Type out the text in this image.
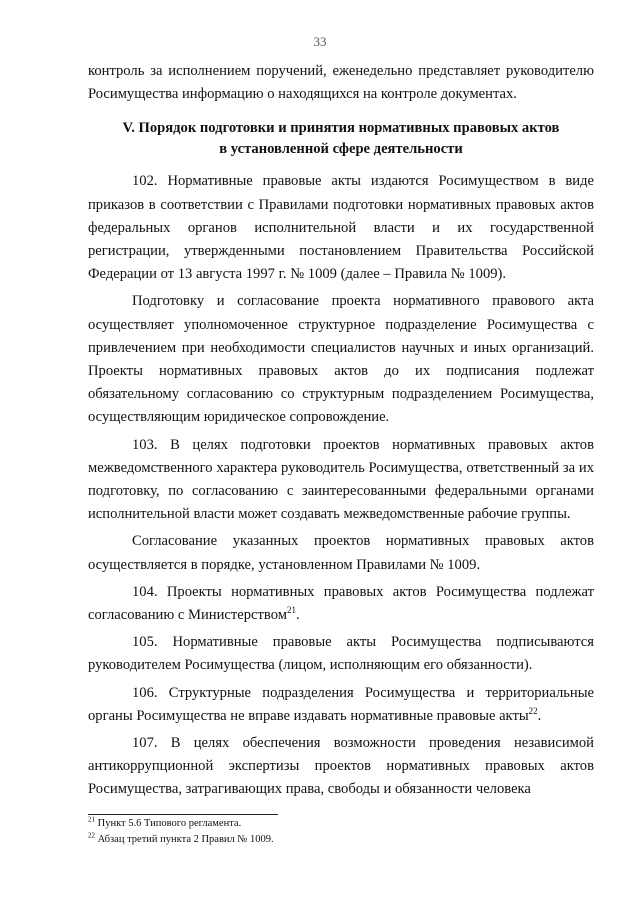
33

контроль за исполнением поручений, еженедельно представляет руководителю Росимущества информацию о находящихся на контроле документах.

V. Порядок подготовки и принятия нормативных правовых актов
в установленной сфере деятельности

102. Нормативные правовые акты издаются Росимуществом в виде приказов в соответствии с Правилами подготовки нормативных правовых актов федеральных органов исполнительной власти и их государственной регистрации, утвержденными постановлением Правительства Российской Федерации от 13 августа 1997 г. № 1009 (далее – Правила № 1009).

Подготовку и согласование проекта нормативного правового акта осуществляет уполномоченное структурное подразделение Росимущества с привлечением при необходимости специалистов научных и иных организаций. Проекты нормативных правовых актов до их подписания подлежат обязательному согласованию со структурным подразделением Росимущества, осуществляющим юридическое сопровождение.

103. В целях подготовки проектов нормативных правовых актов межведомственного характера руководитель Росимущества, ответственный за их подготовку, по согласованию с заинтересованными федеральными органами исполнительной власти может создавать межведомственные рабочие группы.

Согласование указанных проектов нормативных правовых актов осуществляется в порядке, установленном Правилами № 1009.

104. Проекты нормативных правовых актов Росимущества подлежат согласованию с Министерством$^{21}$.

105. Нормативные правовые акты Росимущества подписываются руководителем Росимущества (лицом, исполняющим его обязанности).

106. Структурные подразделения Росимущества и территориальные органы Росимущества не вправе издавать нормативные правовые акты$^{22}$.

107. В целях обеспечения возможности проведения независимой антикоррупционной экспертизы проектов нормативных правовых актов Росимущества, затрагивающих права, свободы и обязанности человека

$^{21}$ Пункт 5.6 Типового регламента.
$^{22}$ Абзац третий пункта 2 Правил № 1009.
